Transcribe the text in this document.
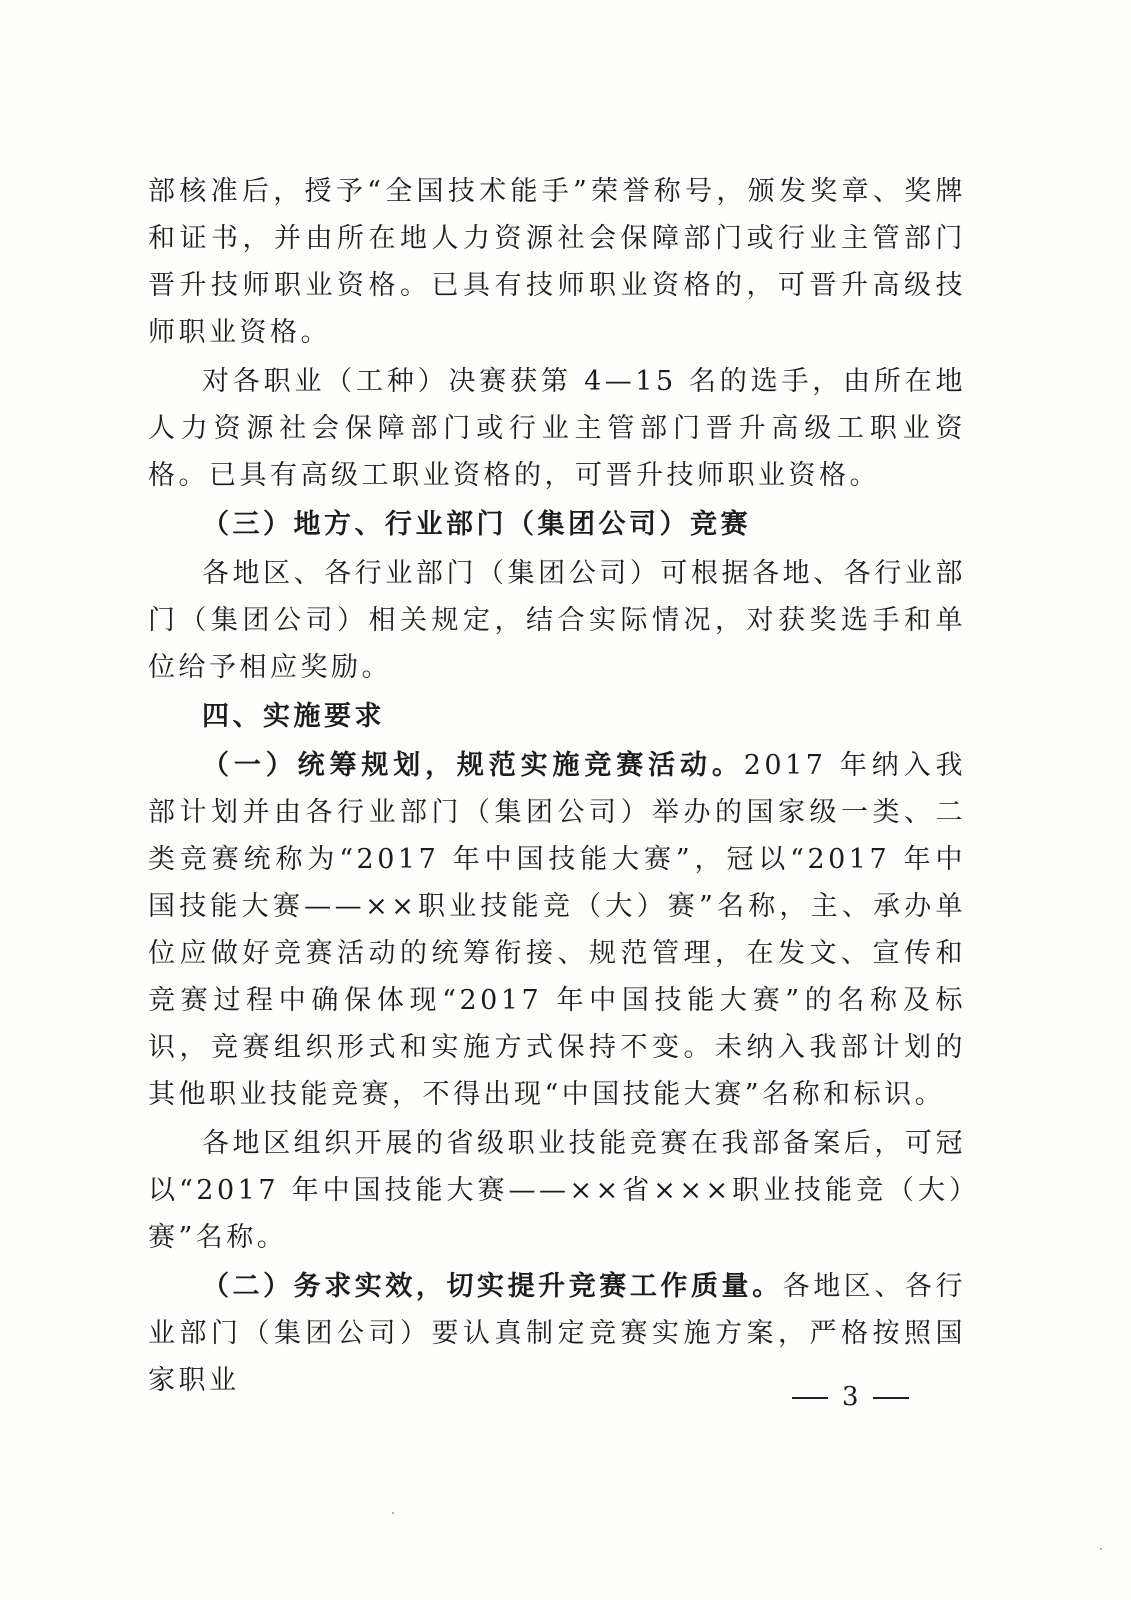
部核准后，授予“全国技术能手”荣誉称号，颁发奖章、奖牌和证书，并由所在地人力资源社会保障部门或行业主管部门晋升技师职业资格。已具有技师职业资格的，可晋升高级技师职业资格。

对各职业（工种）决赛获第 4—15 名的选手，由所在地人力资源社会保障部门或行业主管部门晋升高级工职业资格。已具有高级工职业资格的，可晋升技师职业资格。

（三）地方、行业部门（集团公司）竞赛

各地区、各行业部门（集团公司）可根据各地、各行业部门（集团公司）相关规定，结合实际情况，对获奖选手和单位给予相应奖励。

四、实施要求

（一）统筹规划，规范实施竞赛活动。2017 年纳入我部计划并由各行业部门（集团公司）举办的国家级一类、二类竞赛统称为“2017 年中国技能大赛”，冠以“2017 年中国技能大赛——××职业技能竞（大）赛”名称，主、承办单位应做好竞赛活动的统筹衔接、规范管理，在发文、宣传和竞赛过程中确保体现“2017 年中国技能大赛”的名称及标识，竞赛组织形式和实施方式保持不变。未纳入我部计划的其他职业技能竞赛，不得出现“中国技能大赛”名称和标识。

各地区组织开展的省级职业技能竞赛在我部备案后，可冠以“2017 年中国技能大赛——××省×××职业技能竞（大）赛”名称。

（二）务求实效，切实提升竞赛工作质量。各地区、各行业部门（集团公司）要认真制定竞赛实施方案，严格按照国家职业

3
